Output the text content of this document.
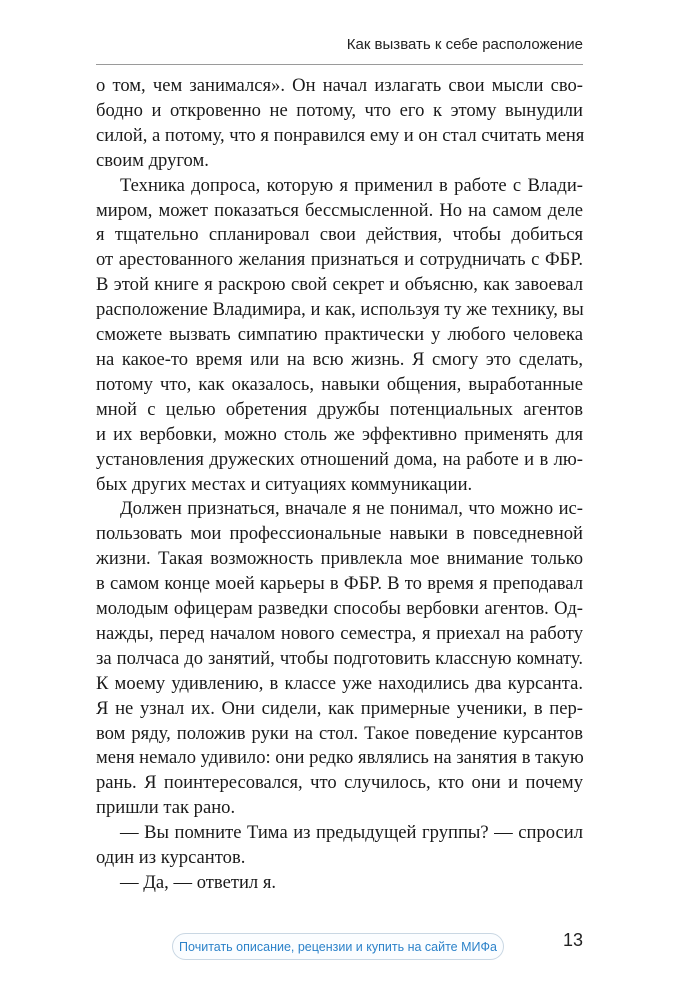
Как вызвать к себе расположение
о том, чем занимался». Он начал излагать свои мысли сво-
бодно и откровенно не потому, что его к этому вынудили
силой, а потому, что я понравился ему и он стал считать меня
своим другом.
Техника допроса, которую я применил в работе с Влади-
миром, может показаться бессмысленной. Но на самом деле
я тщательно спланировал свои действия, чтобы добиться
от арестованного желания признаться и сотрудничать с ФБР.
В этой книге я раскрою свой секрет и объясню, как завоевал
расположение Владимира, и как, используя ту же технику, вы
сможете вызвать симпатию практически у любого человека
на какое-то время или на всю жизнь. Я смогу это сделать,
потому что, как оказалось, навыки общения, выработанные
мной с целью обретения дружбы потенциальных агентов
и их вербовки, можно столь же эффективно применять для
установления дружеских отношений дома, на работе и в лю-
бых других местах и ситуациях коммуникации.
Должен признаться, вначале я не понимал, что можно ис-
пользовать мои профессиональные навыки в повседневной
жизни. Такая возможность привлекла мое внимание только
в самом конце моей карьеры в ФБР. В то время я преподавал
молодым офицерам разведки способы вербовки агентов. Од-
нажды, перед началом нового семестра, я приехал на работу
за полчаса до занятий, чтобы подготовить классную комнату.
К моему удивлению, в классе уже находились два курсанта.
Я не узнал их. Они сидели, как примерные ученики, в пер-
вом ряду, положив руки на стол. Такое поведение курсантов
меня немало удивило: они редко являлись на занятия в такую
рань. Я поинтересовался, что случилось, кто они и почему
пришли так рано.
— Вы помните Тима из предыдущей группы? — спросил
один из курсантов.
— Да, — ответил я.
Почитать описание, рецензии и купить на сайте МИФа	13
